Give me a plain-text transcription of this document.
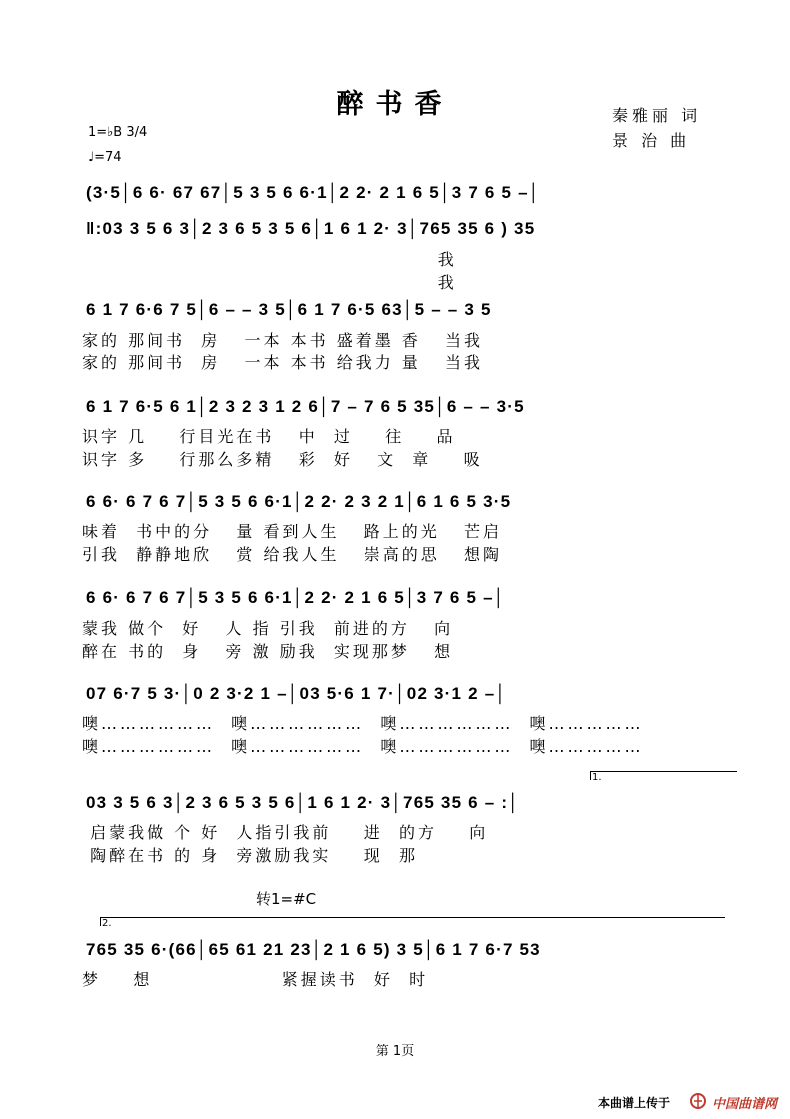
醉书香	秦雅丽 词
景 治 曲
1=♭B 3/4
♩=74
(3·5│6 6· 67 67│5 3 5 6 6·1│2 2· 2 1 6 5│3 7 6 5 –│
‖:03 3 5 6 3│2 3 6 5 3 5 6│1 6 1 2· 3│765 35 6 ) 35
我
我
6 1 7 6·6 7 5│6 – – 3 5│6 1 7 6·5 63│5 – – 3 5
家的 那间书  房   一本 本书 盛着墨 香   当我
家的 那间书  房   一本 本书 给我力 量   当我
6 1 7 6·5 6 1│2 3 2 3 1 2 6│7 – 7 6 5 35│6 – – 3·5
识字 几    行目光在书   中  过    往    品
识字 多    行那么多精   彩  好   文  章    吸
6 6· 6 7 6 7│5 3 5 6 6·1│2 2· 2 3 2 1│6 1 6 5 3·5
味着  书中的分   量 看到人生   路上的光   芒启
引我  静静地欣   赏 给我人生   崇高的思   想陶
6 6· 6 7 6 7│5 3 5 6 6·1│2 2· 2 1 6 5│3 7 6 5 –│
蒙我 做个  好   人 指 引我  前进的方   向
醉在 书的  身   旁 激 励我  实现那梦   想
07 6·7 5 3·│0 2 3·2 1 –│03 5·6 1 7·│02 3·1 2 –│
噢………………  噢………………  噢………………  噢……………
噢………………  噢………………  噢………………  噢……………
1.
03 3 5 6 3│2 3 6 5 3 5 6│1 6 1 2· 3│765 35 6 – :│
启蒙我做 个 好  人指引我前    进  的方    向
陶醉在书 的 身  旁激励我实    现  那
转1=#C
2.
765 35 6·(66│65 61 21 23│2 1 6 5) 3 5│6 1 7 6·7 53
梦    想                紧握读书  好  时
第 1页
本曲谱上传于	中国曲谱网
